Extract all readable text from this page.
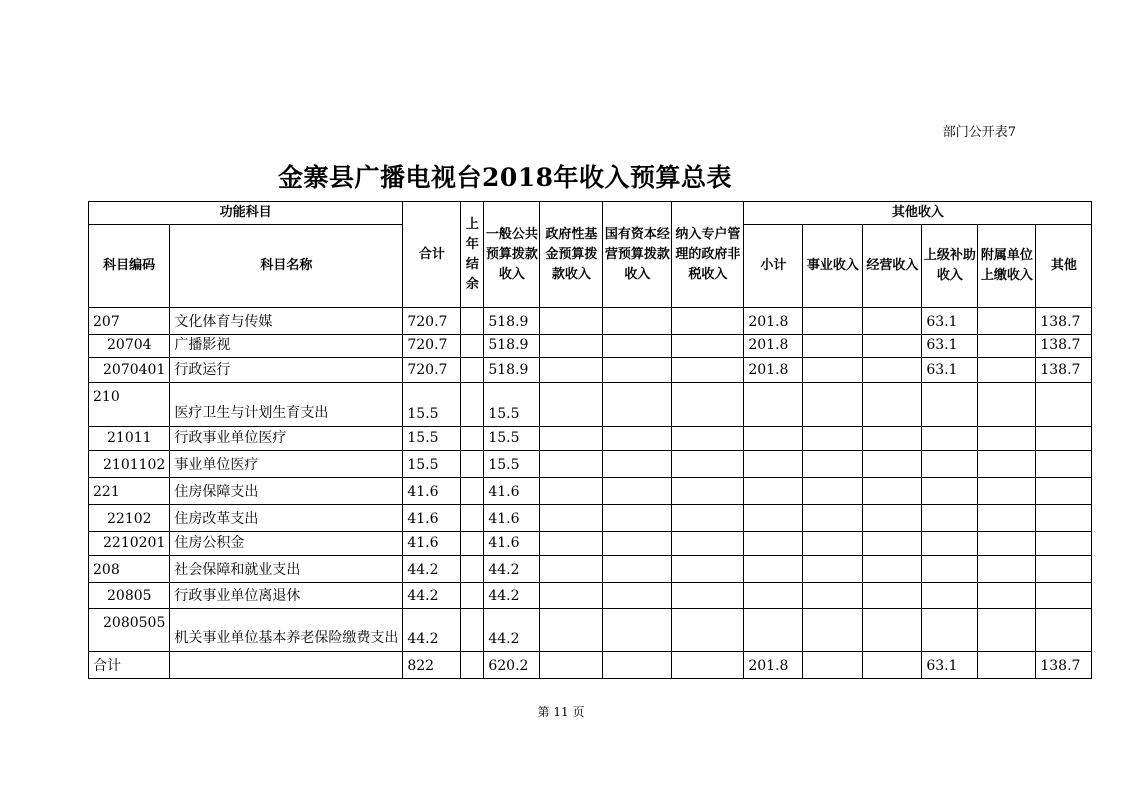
部门公开表7
金寨县广播电视台2018年收入预算总表
功能科目		合计	上年结余	一般公共预算拨款收入	政府性基金预算拨款收入	国有资本经营预算拨款收入	纳入专户管理的政府非税收入	其他收入					
科目编码	科目名称							小计	事业收入	经营收入	上级补助收入	附属单位上缴收入	其他
207	文化体育与传媒	720.7		518.9				201.8			63.1		138.7
20704	广播影视	720.7		518.9				201.8			63.1		138.7
2070401	行政运行	720.7		518.9				201.8			63.1		138.7
210	医疗卫生与计划生育支出	15.5		15.5									
21011	行政事业单位医疗	15.5		15.5									
2101102	事业单位医疗	15.5		15.5									
221	住房保障支出	41.6		41.6									
22102	住房改革支出	41.6		41.6									
2210201	住房公积金	41.6		41.6									
208	社会保障和就业支出	44.2		44.2									
20805	行政事业单位离退休	44.2		44.2									
2080505	机关事业单位基本养老保险缴费支出	44.2		44.2									
合计		822		620.2				201.8			63.1		138.7
第 11 页
